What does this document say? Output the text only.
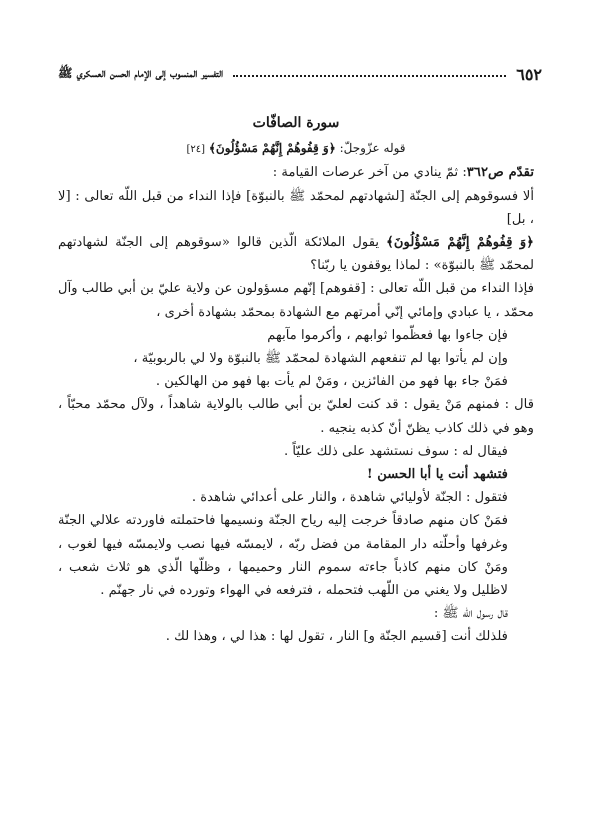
٦٥٢
التفسير المنسوب إلى الإمام الحسن العسكري ﷺ
سورة الصافّات
قوله عزّوجلّ: ﴿وَ قِفُوهُمْ إِنَّهُمْ مَسْؤُلُونَ﴾ [٢٤]

تقدّم ص٣٦٢: ثمّ ينادي من آخر عرصات القيامة :

ألا فسوقوهم إلى الجنّة [لشهادتهم لمحمّد ﷺ بالنبوّة] فإذا النداء من قبل اللّه تعالى : [لا ، بل]

﴿وَ قِفُوهُمْ إِنَّهُمْ مَسْؤُلُونَ﴾ يقول الملائكة الّذين قالوا «سوقوهم إلى الجنّة لشهادتهم لمحمّد ﷺ بالنبوّة» : لماذا يوقفون يا ربّنا؟

فإذا النداء من قبل اللّه تعالى : [قفوهم] إنّهم مسؤولون عن ولاية عليّ بن أبي طالب وآل محمّد ، يا عبادي وإمائي إنّي أمرتهم مع الشهادة بمحمّد بشهادة أخرى ،

فإن جاءوا بها فعظّموا ثوابهم ، وأكرموا مآبهم

وإن لم يأتوا بها لم تنفعهم الشهادة لمحمّد ﷺ بالنبوّة ولا لي بالربوبيّة ،

فمَنْ جاء بها فهو من الفائزين ، ومَنْ لم يأت بها فهو من الهالكين .

قال : فمنهم مَنْ يقول : قد كنت لعليّ بن أبي طالب بالولاية شاهداً ، ولآل محمّد محبّاً ، وهو في ذلك كاذب يظنّ أنّ كذبه ينجيه .

فيقال له : سوف نستشهد على ذلك عليّاً .

فتشهد أنت يا أبا الحسن !

فتقول : الجنّة لأوليائي شاهدة ، والنار على أعدائي شاهدة .

فمَنْ كان منهم صادقاً خرجت إليه رياح الجنّة ونسيمها فاحتملته فاوردته علالي الجنّة وغرفها وأحلّته دار المقامة من فضل ربّه ، لايمسّه فيها نصب ولايمسّه فيها لغوب ، ومَنْ كان منهم كاذباً جاءته سموم النار وحميمها ، وظلّها الّذي هو ثلاث شعب ، لاظليل ولا يغني من اللّهب فتحمله ، فترفعه في الهواء وتورده في نار جهنّم .

قال رسول اللّه ﷺ :

فلذلك أنت [قسيم الجنّة و] النار ، تقول لها : هذا لي ، وهذا لك .
